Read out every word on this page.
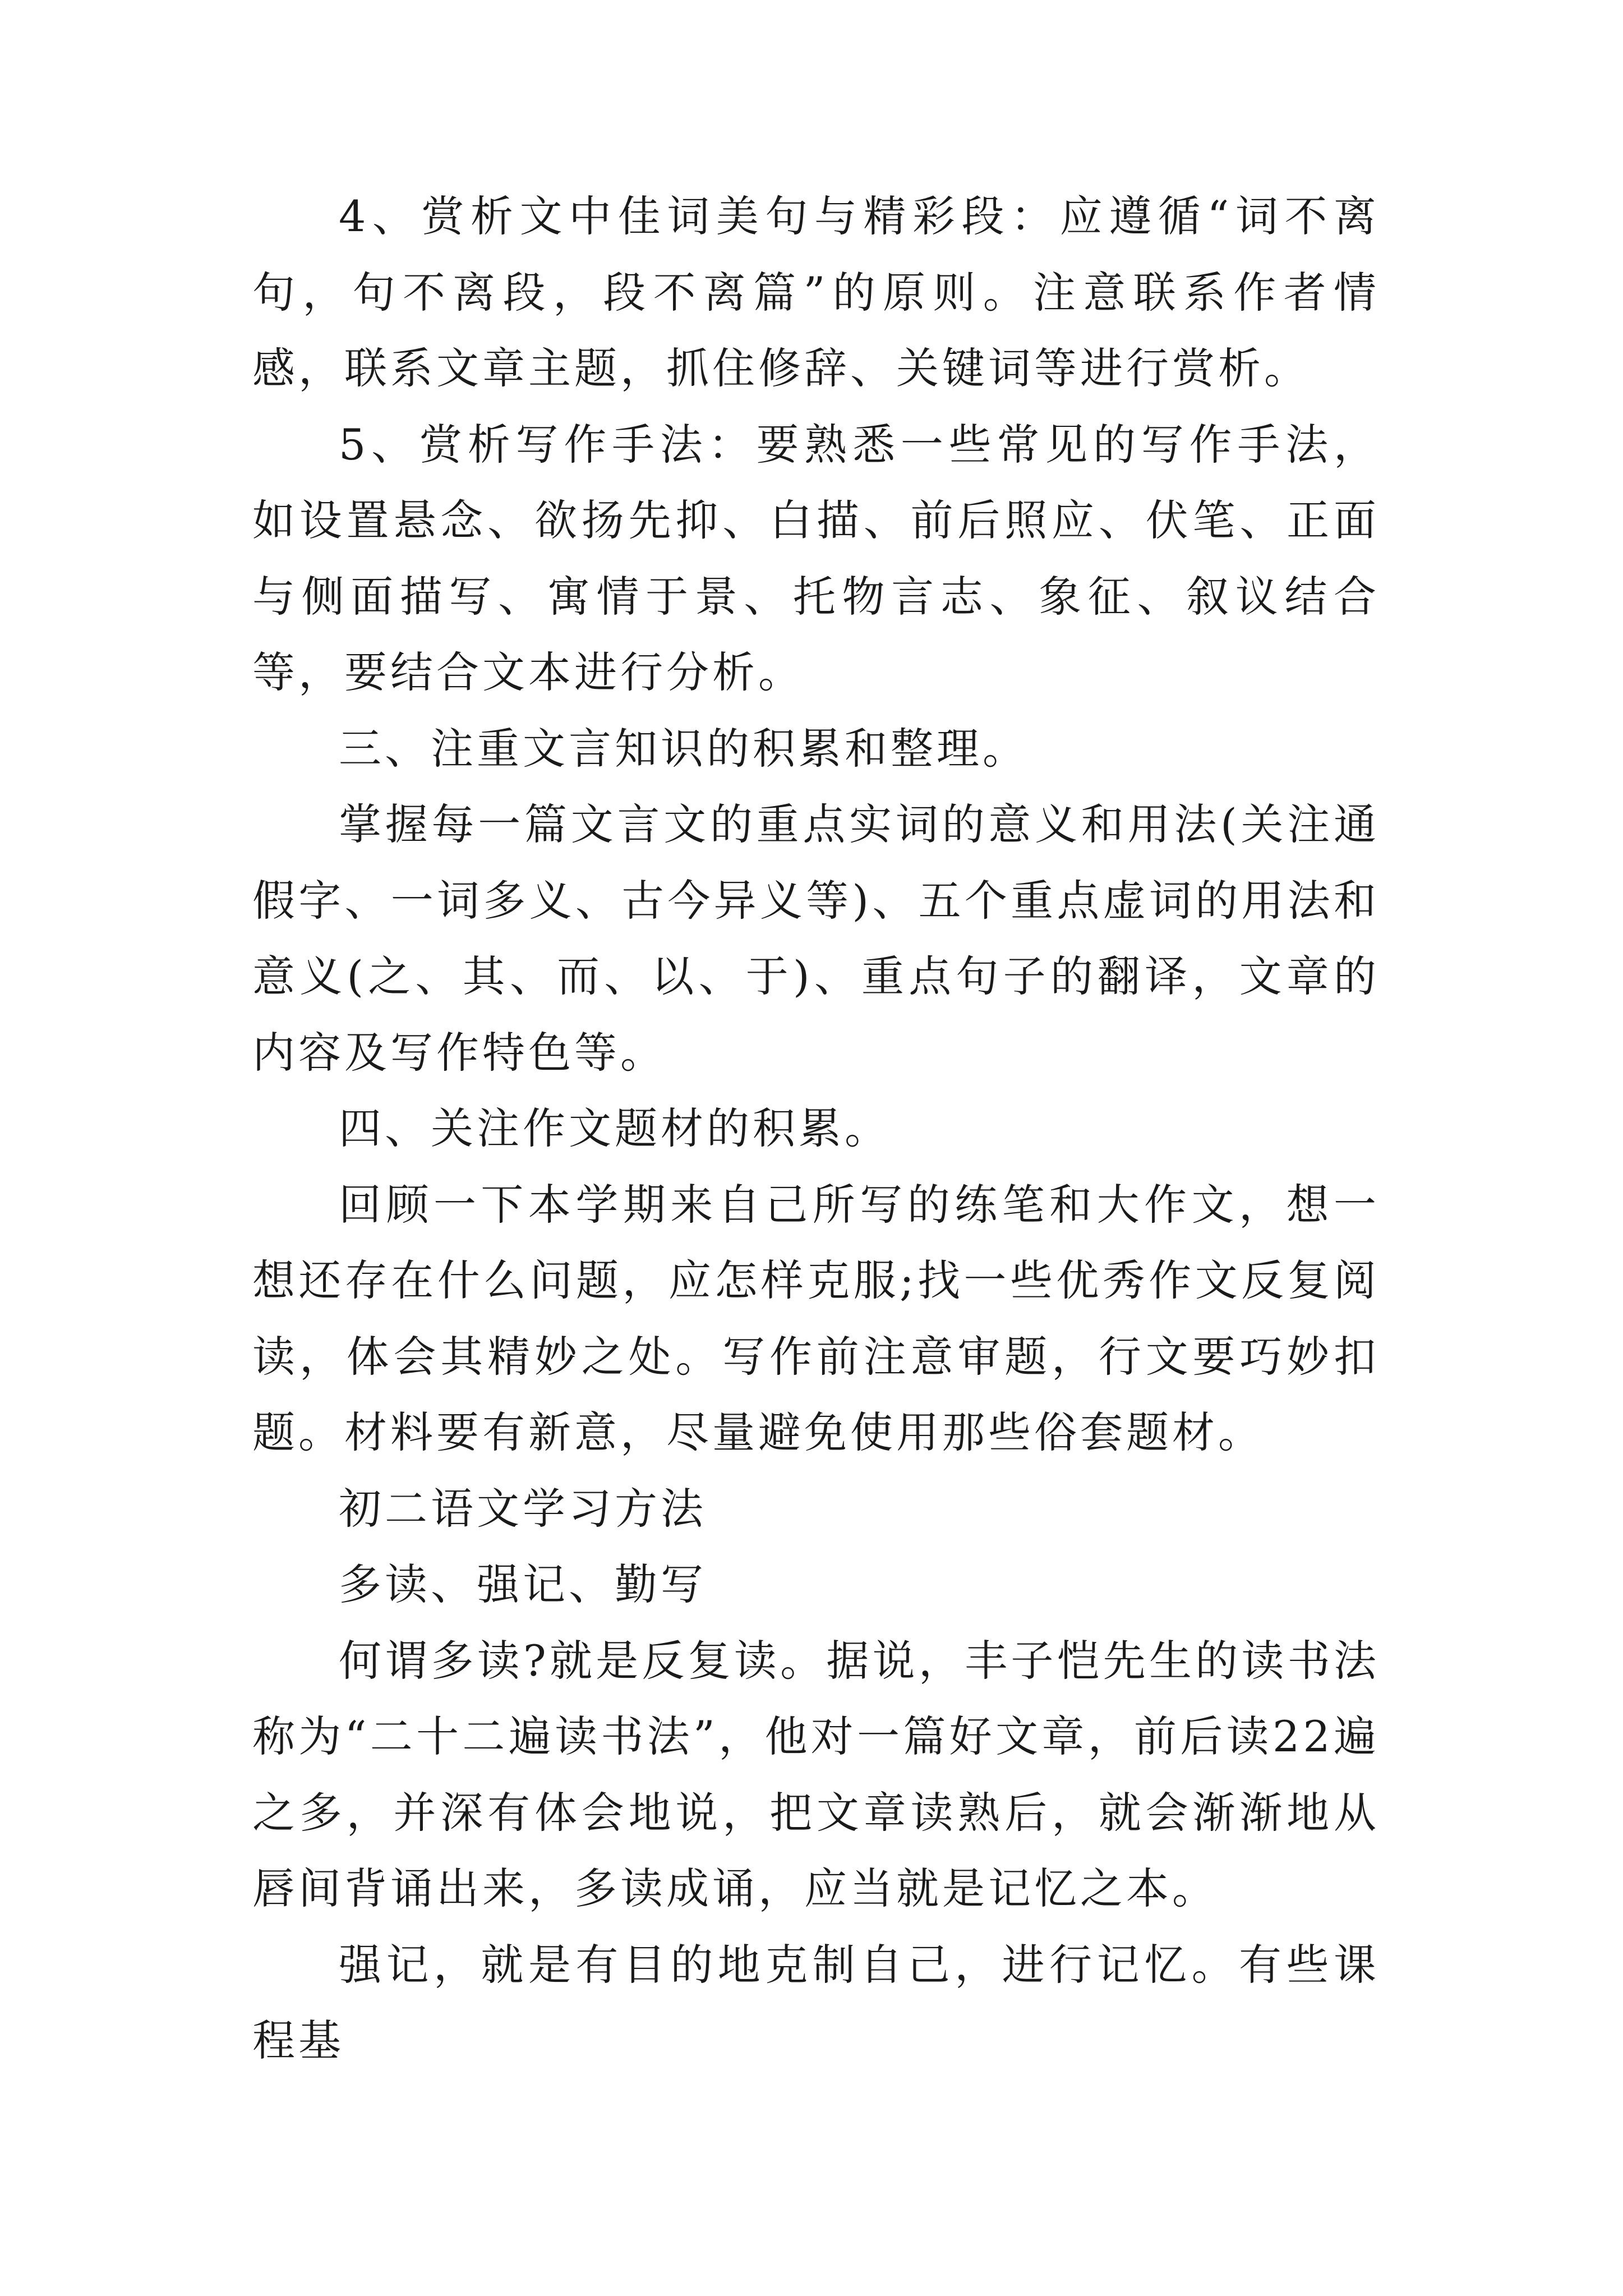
4、赏析文中佳词美句与精彩段：应遵循“词不离句，句不离段，段不离篇”的原则。注意联系作者情感，联系文章主题，抓住修辞、关键词等进行赏析。

5、赏析写作手法：要熟悉一些常见的写作手法，如设置悬念、欲扬先抑、白描、前后照应、伏笔、正面与侧面描写、寓情于景、托物言志、象征、叙议结合等，要结合文本进行分析。

三、注重文言知识的积累和整理。

掌握每一篇文言文的重点实词的意义和用法(关注通假字、一词多义、古今异义等)、五个重点虚词的用法和意义(之、其、而、以、于)、重点句子的翻译，文章的内容及写作特色等。

四、关注作文题材的积累。

回顾一下本学期来自己所写的练笔和大作文，想一想还存在什么问题，应怎样克服;找一些优秀作文反复阅读，体会其精妙之处。写作前注意审题，行文要巧妙扣题。材料要有新意，尽量避免使用那些俗套题材。

初二语文学习方法

多读、强记、勤写

何谓多读?就是反复读。据说，丰子恺先生的读书法称为“二十二遍读书法”，他对一篇好文章，前后读22遍之多，并深有体会地说，把文章读熟后，就会渐渐地从唇间背诵出来，多读成诵，应当就是记忆之本。

强记，就是有目的地克制自己，进行记忆。有些课程基
